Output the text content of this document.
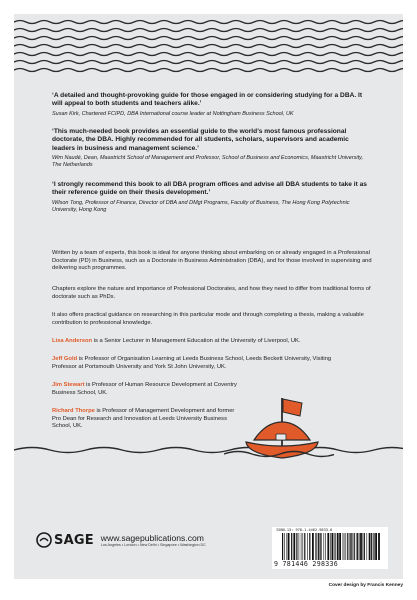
‘A detailed and thought-provoking guide for those engaged in or considering studying for a DBA. It will appeal to both students and teachers alike.’

Susan Kirk, Chartered FCIPD, DBA International course leader at Nottingham Business School, UK

‘This much-needed book provides an essential guide to the world’s most famous professional doctorate, the DBA. Highly recommended for all students, scholars, supervisors and academic leaders in business and management science.’

Wim Naudé, Dean, Maastricht School of Management and Professor, School of Business and Economics, Maastricht University, The Netherlands

‘I strongly recommend this book to all DBA program offices and advise all DBA students to take it as their reference guide on their thesis development.’

Wilson Tong, Professor of Finance, Director of DBA and DMgt Programs, Faculty of Business, The Hong Kong Polytechnic University, Hong Kong

Written by a team of experts, this book is ideal for anyone thinking about embarking on or already engaged in a Professional Doctorate (PD) in Business, such as a Doctorate in Business Administration (DBA), and for those involved in supervising and delivering such programmes.

Chapters explore the nature and importance of Professional Doctorates, and how they need to differ from traditional forms of doctorate such as PhDs.

It also offers practical guidance on researching in this particular mode and through completing a thesis, making a valuable contribution to professional knowledge.

Lisa Anderson is a Senior Lecturer in Management Education at the University of Liverpool, UK.

Jeff Gold is Professor of Organisation Learning at Leeds Business School, Leeds Beckett University, Visiting
Professor at Portsmouth University and York St John University, UK.

Jim Stewart is Professor of Human Resource Development at Coventry
Business School, UK.

Richard Thorpe is Professor of Management Development and former
Pro Dean for Research and Innovation at Leeds University Business
School, UK.

SAGE www.sagepublications.com
Los Angeles • London • New Delhi • Singapore • Washington DC
ISBN-13: 978-1-4462-9833-6
9 781446 298336
Cover design by Francis Kenney
